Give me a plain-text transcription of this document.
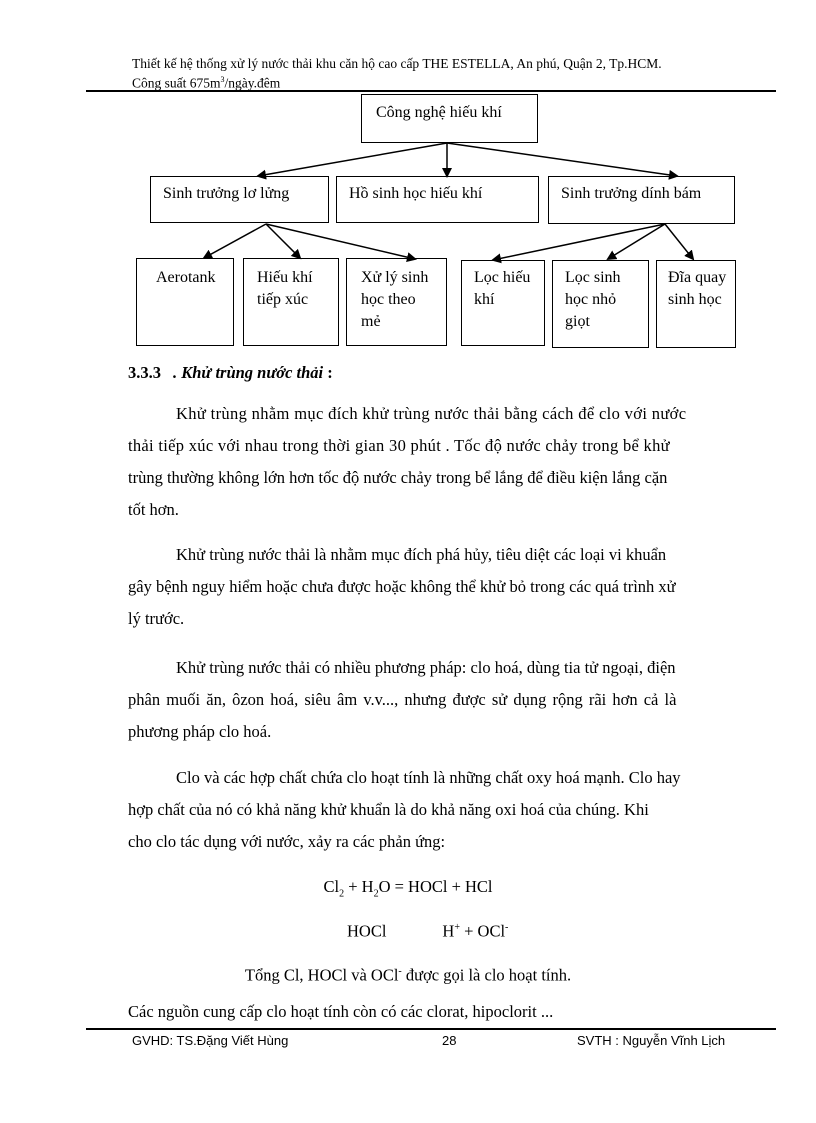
Thiết kế hệ thống xử lý nước thải khu căn hộ cao cấp THE ESTELLA, An phú, Quận 2, Tp.HCM.
Công suất $675m^3/ngày.đêm$
Công nghệ hiếu khí
Sinh trưởng lơ lửng	Hồ sinh học hiếu khí	Sinh trưởng dính bám
Aerotank	Hiếu khí
tiếp xúc
Xử lý sinh
học theo
mẻ
Lọc hiếu
khí
Lọc sinh
học nhỏ
giọt
Đĩa quay
sinh học
3.3.3 . Khử trùng nước thải :
Khử trùng nhằm mục đích khử trùng nước thải bằng cách để clo với nước
thải tiếp xúc với nhau trong thời gian 30 phút . Tốc độ nước chảy trong bể khử
trùng thường không lớn hơn tốc độ nước chảy trong bể lắng để điều kiện lắng cặn
tốt hơn.
Khử trùng nước thải là nhằm mục đích phá hủy, tiêu diệt các loại vi khuẩn
gây bệnh nguy hiểm hoặc chưa được hoặc không thể khử bỏ trong các quá trình xử
lý trước.
Khử trùng nước thải có nhiều phương pháp: clo hoá, dùng tia tử ngoại, điện
phân muối ăn, ôzon hoá, siêu âm v.v..., nhưng được sử dụng rộng rãi hơn cả là
phương pháp clo hoá.
Clo và các hợp chất chứa clo hoạt tính là những chất oxy hoá mạnh. Clo hay
hợp chất của nó có khả năng khử khuẩn là do khả năng oxi hoá của chúng. Khi
cho clo tác dụng với nước, xảy ra các phản ứng:
$Cl_2 + H_2O$ = HOCl + HCl
HOCl	H+ + OCl-
Tổng Cl, HOCl và OCl- được gọi là clo hoạt tính.
Các nguồn cung cấp clo hoạt tính còn có các clorat, hipoclorit ...
GVHD: TS.Đặng Viết Hùng	28	SVTH : Nguyễn Vĩnh Lịch
